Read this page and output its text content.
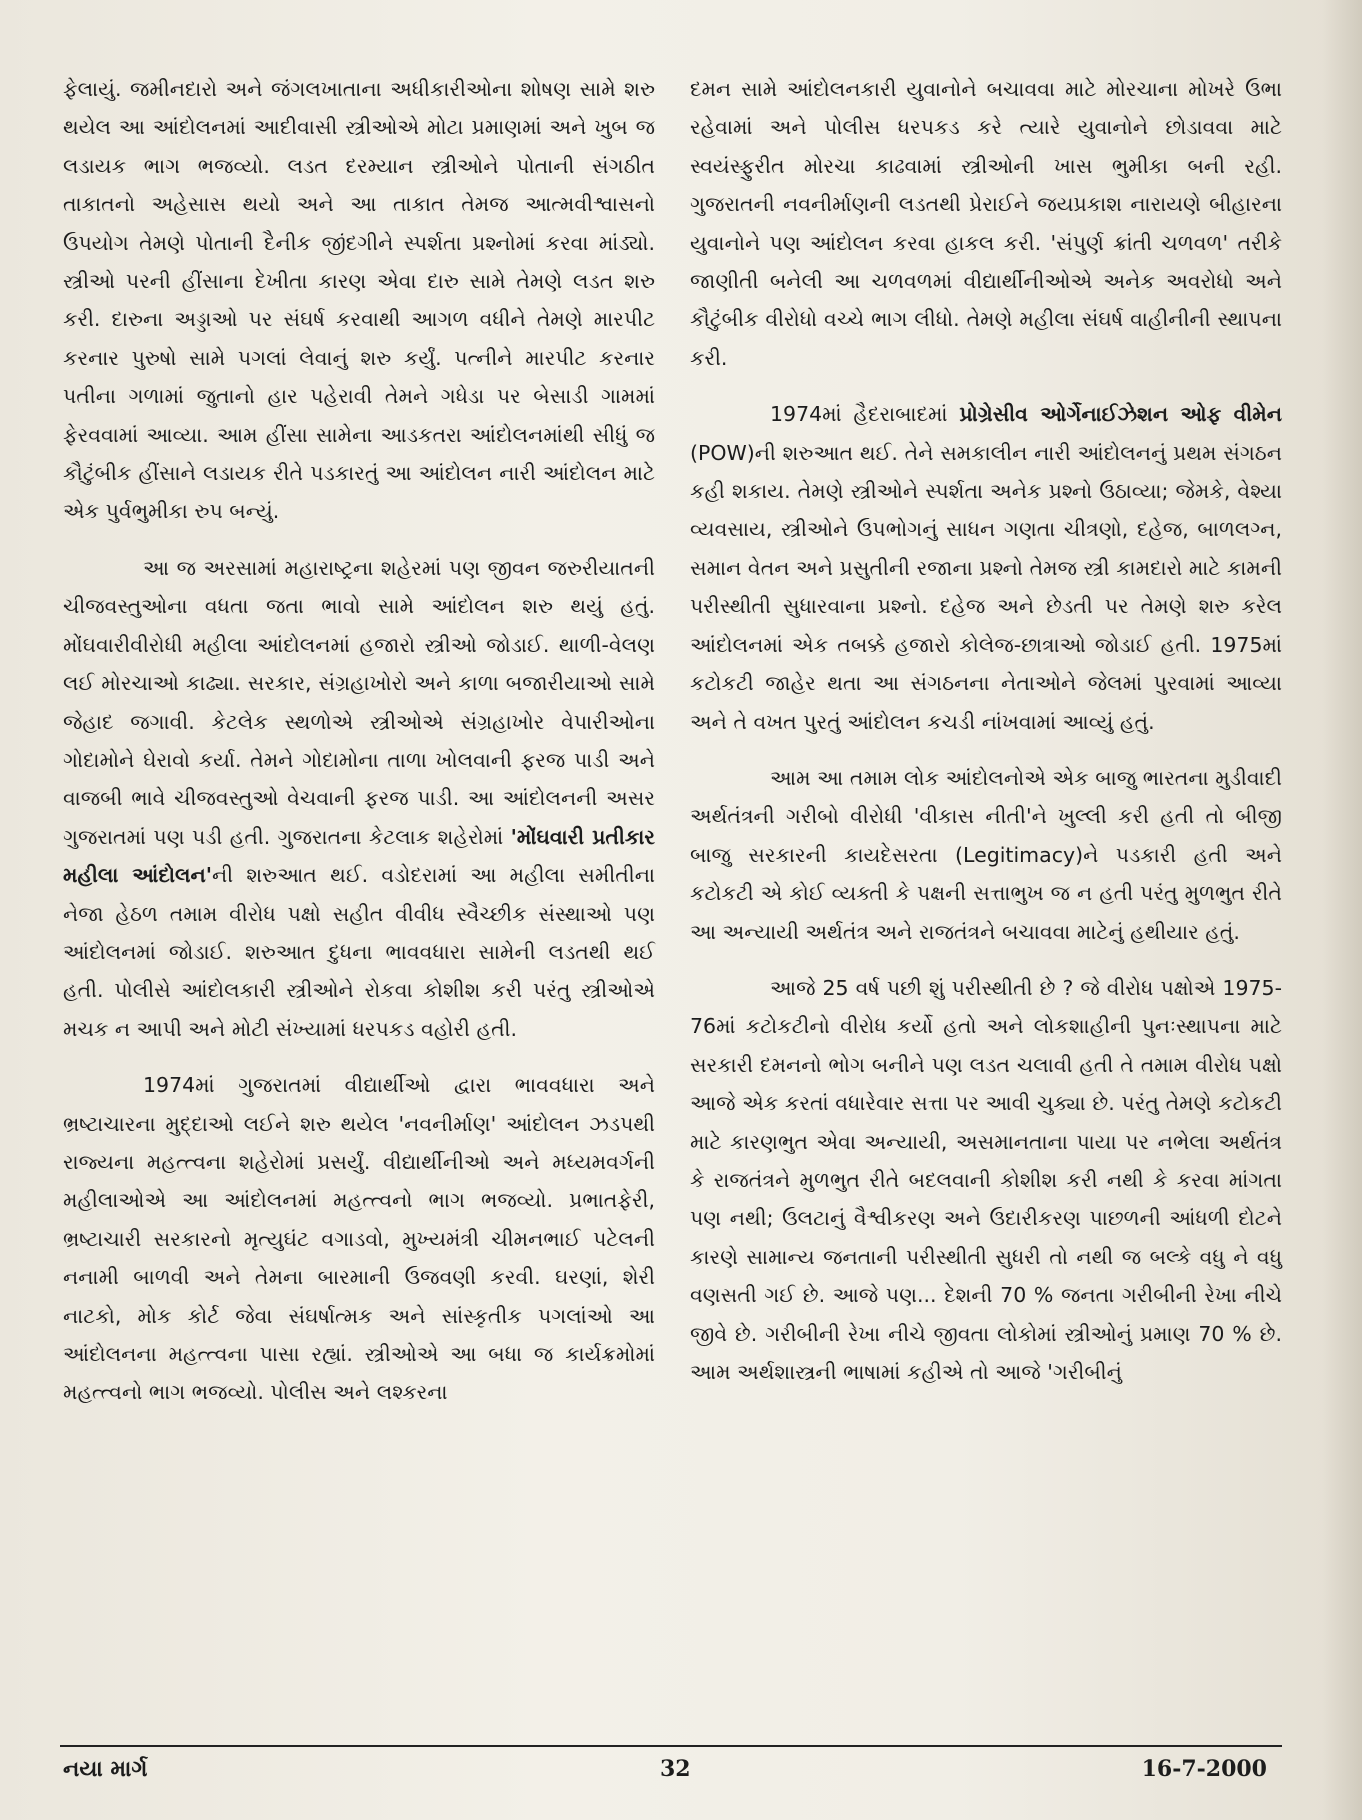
ફેલાયું. જમીનદારો અને જંગલખાતાના અધીકારીઓના શોષણ સામે શરુ થયેલ આ આંદોલનમાં આદીવાસી સ્ત્રીઓએ મોટા પ્રમાણમાં અને ખુબ જ લડાયક ભાગ ભજવ્યો. લડત દરમ્યાન સ્ત્રીઓને પોતાની સંગઠીત તાકાતનો અહેસાસ થયો અને આ તાકાત તેમજ આત્મવીશ્વાસનો ઉપયોગ તેમણે પોતાની દૈનીક જીંદગીને સ્પર્શતા પ્રશ્નોમાં કરવા માંડ્યો. સ્ત્રીઓ પરની હીંસાના દેખીતા કારણ એવા દારુ સામે તેમણે લડત શરુ કરી. દારુના અડ્ડાઓ પર સંઘર્ષ કરવાથી આગળ વધીને તેમણે મારપીટ કરનાર પુરુષો સામે પગલાં લેવાનું શરુ કર્યું. પત્નીને મારપીટ કરનાર પતીના ગળામાં જુતાનો હાર પહેરાવી તેમને ગધેડા પર બેસાડી ગામમાં ફેરવવામાં આવ્યા. આમ હીંસા સામેના આડકતરા આંદોલનમાંથી સીધું જ કૌટુંબીક હીંસાને લડાયક રીતે પડકારતું આ આંદોલન નારી આંદોલન માટે એક પુર્વભુમીકા રુપ બન્યું.

આ જ અરસામાં મહારાષ્ટ્રના શહેરમાં પણ જીવન જરુરીયાતની ચીજવસ્તુઓના વધતા જતા ભાવો સામે આંદોલન શરુ થયું હતું. મોંઘવારીવીરોધી મહીલા આંદોલનમાં હજારો સ્ત્રીઓ જોડાઈ. થાળી-વેલણ લઈ મોરચાઓ કાઢ્યા. સરકાર, સંગ્રહાખોરો અને કાળા બજારીયાઓ સામે જેહાદ જગાવી. કેટલેક સ્થળોએ સ્ત્રીઓએ સંગ્રહાખોર વેપારીઓના ગોદામોને ઘેરાવો કર્યા. તેમને ગોદામોના તાળા ખોલવાની ફરજ પાડી અને વાજબી ભાવે ચીજવસ્તુઓ વેચવાની ફરજ પાડી. આ આંદોલનની અસર ગુજરાતમાં પણ પડી હતી. ગુજરાતના કેટલાક શહેરોમાં 'મોંઘવારી પ્રતીકાર મહીલા આંદોલન'ની શરુઆત થઈ. વડોદરામાં આ મહીલા સમીતીના નેજા હેઠળ તમામ વીરોધ પક્ષો સહીત વીવીધ સ્વૈચ્છીક સંસ્થાઓ પણ આંદોલનમાં જોડાઈ. શરુઆત દુધના ભાવવધારા સામેની લડતથી થઈ હતી. પોલીસે આંદોલકારી સ્ત્રીઓને રોકવા કોશીશ કરી પરંતુ સ્ત્રીઓએ મચક ન આપી અને મોટી સંખ્યામાં ધરપકડ વહોરી હતી.

1974માં ગુજરાતમાં વીદ્યાર્થીઓ દ્વારા ભાવવધારા અને ભ્રષ્ટાચારના મુદ્દાઓ લઈને શરુ થયેલ 'નવનીર્માણ' આંદોલન ઝડપથી રાજ્યના મહત્ત્વના શહેરોમાં પ્રસર્યું. વીદ્યાર્થીનીઓ અને મધ્યમવર્ગની મહીલાઓએ આ આંદોલનમાં મહત્ત્વનો ભાગ ભજવ્યો. પ્રભાતફેરી, ભ્રષ્ટાચારી સરકારનો મૃત્યુઘંટ વગાડવો, મુખ્યમંત્રી ચીમનભાઈ પટેલની નનામી બાળવી અને તેમના બારમાની ઉજવણી કરવી. ઘરણાં, શેરી નાટકો, મોક કોર્ટ જેવા સંઘર્ષાત્મક અને સાંસ્કૃતીક પગલાંઓ આ આંદોલનના મહત્ત્વના પાસા રહ્યાં. સ્ત્રીઓએ આ બધા જ કાર્યક્રમોમાં મહત્ત્વનો ભાગ ભજવ્યો. પોલીસ અને લશ્કરના

દમન સામે આંદોલનકારી યુવાનોને બચાવવા માટે મોરચાના મોખરે ઉભા રહેવામાં અને પોલીસ ધરપકડ કરે ત્યારે યુવાનોને છોડાવવા માટે સ્વયંસ્ફુરીત મોરચા કાઢવામાં સ્ત્રીઓની ખાસ ભુમીકા બની રહી. ગુજરાતની નવનીર્માણની લડતથી પ્રેરાઈને જયપ્રકાશ નારાયણે બીહારના યુવાનોને પણ આંદોલન કરવા હાકલ કરી. 'સંપુર્ણ ક્રાંતી ચળવળ' તરીકે જાણીતી બનેલી આ ચળવળમાં વીદ્યાર્થીનીઓએ અનેક અવરોધો અને કૌટુંબીક વીરોધો વચ્ચે ભાગ લીધો. તેમણે મહીલા સંઘર્ષ વાહીનીની સ્થાપના કરી.

1974માં હૈદરાબાદમાં પ્રોગ્રેસીવ ઓર્ગેનાઈઝેશન ઓફ વીમેન (POW)ની શરુઆત થઈ. તેને સમકાલીન નારી આંદોલનનું પ્રથમ સંગઠન કહી શકાય. તેમણે સ્ત્રીઓને સ્પર્શતા અનેક પ્રશ્નો ઉઠાવ્યા; જેમકે, વેશ્યા વ્યવસાય, સ્ત્રીઓને ઉપભોગનું સાધન ગણતા ચીત્રણો, દહેજ, બાળલગ્ન, સમાન વેતન અને પ્રસુતીની રજાના પ્રશ્નો તેમજ સ્ત્રી કામદારો માટે કામની પરીસ્થીતી સુધારવાના પ્રશ્નો. દહેજ અને છેડતી પર તેમણે શરુ કરેલ આંદોલનમાં એક તબક્કે હજારો કોલેજ-છાત્રાઓ જોડાઈ હતી. 1975માં કટોકટી જાહેર થતા આ સંગઠનના નેતાઓને જેલમાં પુરવામાં આવ્યા અને તે વખત પુરતું આંદોલન કચડી નાંખવામાં આવ્યું હતું.

આમ આ તમામ લોક આંદોલનોએ એક બાજુ ભારતના મુડીવાદી અર્થતંત્રની ગરીબો વીરોધી 'વીકાસ નીતી'ને ખુલ્લી કરી હતી તો બીજી બાજુ સરકારની કાયદેસરતા (Legitimacy)ને પડકારી હતી અને કટોકટી એ કોઈ વ્યક્તી કે પક્ષની સત્તાભુખ જ ન હતી પરંતુ મુળભુત રીતે આ અન્યાયી અર્થતંત્ર અને રાજતંત્રને બચાવવા માટેનું હથીયાર હતું.

આજે 25 વર્ષ પછી શું પરીસ્થીતી છે ? જે વીરોધ પક્ષોએ 1975-76માં કટોકટીનો વીરોધ કર્યો હતો અને લોકશાહીની પુનઃસ્થાપના માટે સરકારી દમનનો ભોગ બનીને પણ લડત ચલાવી હતી તે તમામ વીરોધ પક્ષો આજે એક કરતાં વધારેવાર સત્તા પર આવી ચુક્યા છે. પરંતુ તેમણે કટોકટી માટે કારણભુત એવા અન્યાયી, અસમાનતાના પાયા પર નભેલા અર્થતંત્ર કે રાજતંત્રને મુળભુત રીતે બદલવાની કોશીશ કરી નથી કે કરવા માંગતા પણ નથી; ઉલટાનું વૈશ્વીકરણ અને ઉદારીકરણ પાછળની આંધળી દોટને કારણે સામાન્ય જનતાની પરીસ્થીતી સુધરી તો નથી જ બલ્કે વધુ ને વધુ વણસતી ગઈ છે. આજે પણ... દેશની 70 % જનતા ગરીબીની રેખા નીચે જીવે છે. ગરીબીની રેખા નીચે જીવતા લોકોમાં સ્ત્રીઓનું પ્રમાણ 70 % છે. આમ અર્થશાસ્ત્રની ભાષામાં કહીએ તો આજે 'ગરીબીનું

નયા માર્ગ	32	16-7-2000
